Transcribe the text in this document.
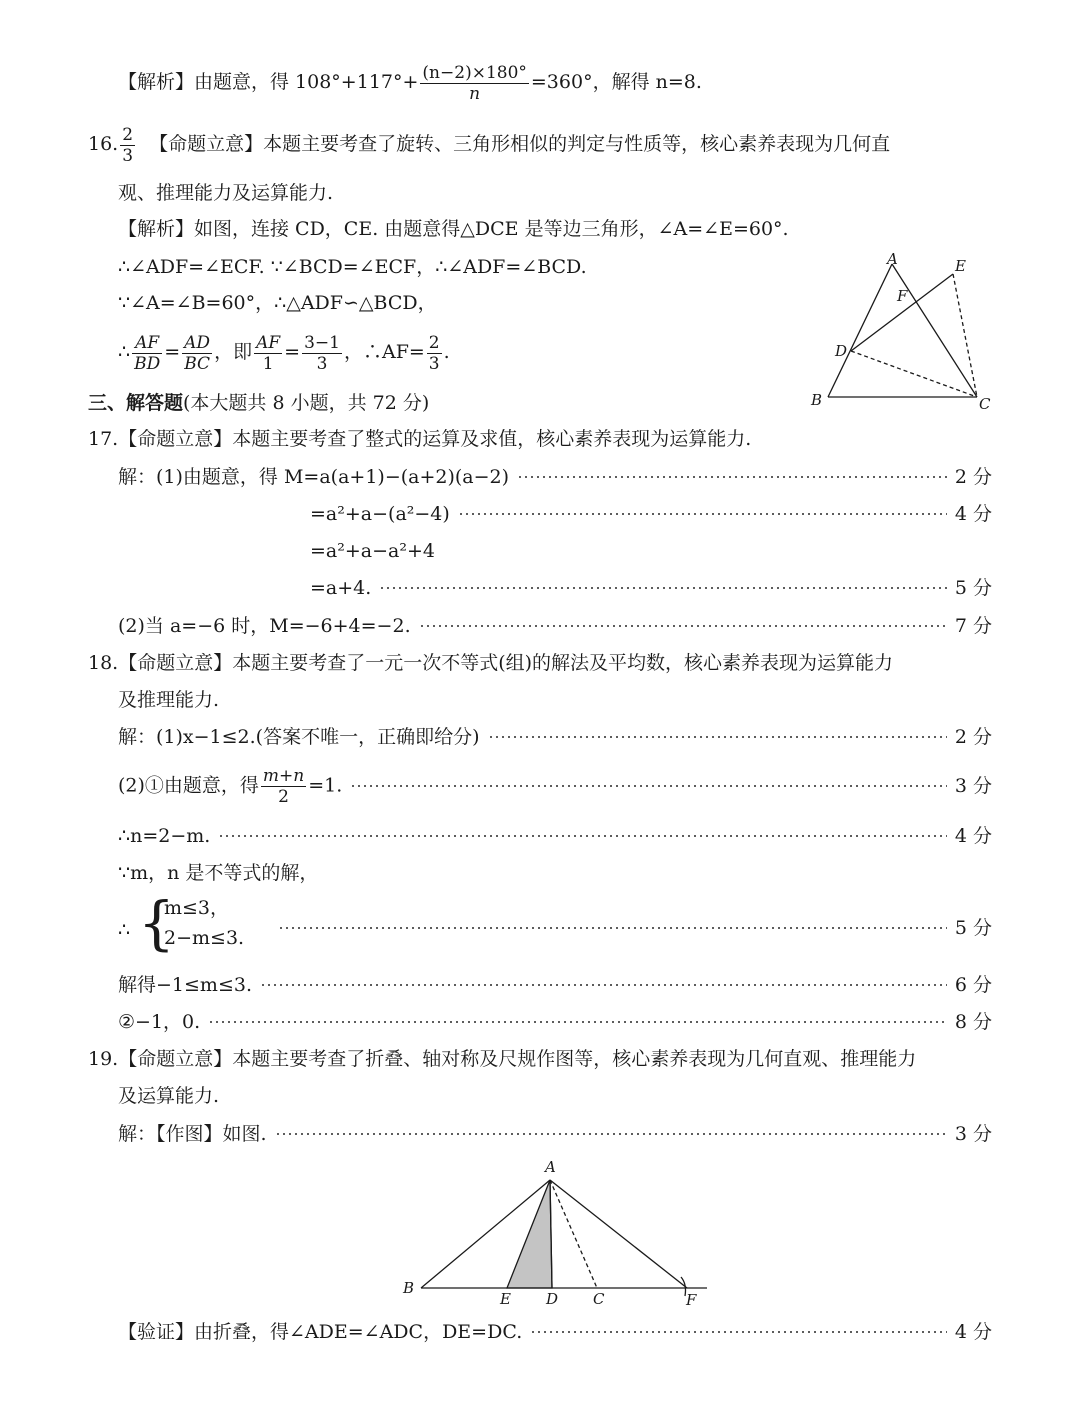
【解析】由题意，得 $108^\circ+117^\circ+ \frac{(n-2)\times 180^\circ}{n} =360^\circ$，解得 n=8.
16. $\frac{2}{3}$ 【命题立意】本题主要考查了旋转、三角形相似的判定与性质等，核心素养表现为几何直
观、推理能力及运算能力.
【解析】如图，连接 CD，CE. 由题意得△DCE 是等边三角形，∠A=∠E=60°.
∴∠ADF=∠ECF. ∵∠BCD=∠ECF，∴∠ADF=∠BCD.
∵∠A=∠B=60°，∴△ADF∽△BCD，
∴ $\frac{AF}{BD} = \frac{AD}{BC}$ ，即 $\frac{AF}{1} = \frac{3-1}{3}$ ，∴AF= $\frac{2}{3}$ .
A	E
F
D
B	C
三、解答题(本大题共 8 小题，共 72 分)
17.【命题立意】本题主要考查了整式的运算及求值，核心素养表现为运算能力.
解：(1)由题意，得 M=a(a+1)−(a+2)(a−2)	2 分
=a²+a−(a²−4)	4 分
=a²+a−a²+4
=a+4.	5 分
(2)当 a=−6 时，M=−6+4=−2.	7 分
18.【命题立意】本题主要考查了一元一次不等式(组)的解法及平均数，核心素养表现为运算能力
及推理能力.
解：(1)x−1≤2.(答案不唯一，正确即给分)	2 分
(2)①由题意，得 $\frac{m+n}{2} =1$.	3 分
∴n=2−m.	4 分
∵m，n 是不等式的解，
∴ {
m≤3，
2−m≤3.	5 分
解得−1≤m≤3.	6 分
②−1，0.	8 分
19.【命题立意】本题主要考查了折叠、轴对称及尺规作图等，核心素养表现为几何直观、推理能力
及运算能力.
解：【作图】如图.	3 分
A
B
E D C	F
【验证】由折叠，得∠ADE=∠ADC，DE=DC.	4 分
